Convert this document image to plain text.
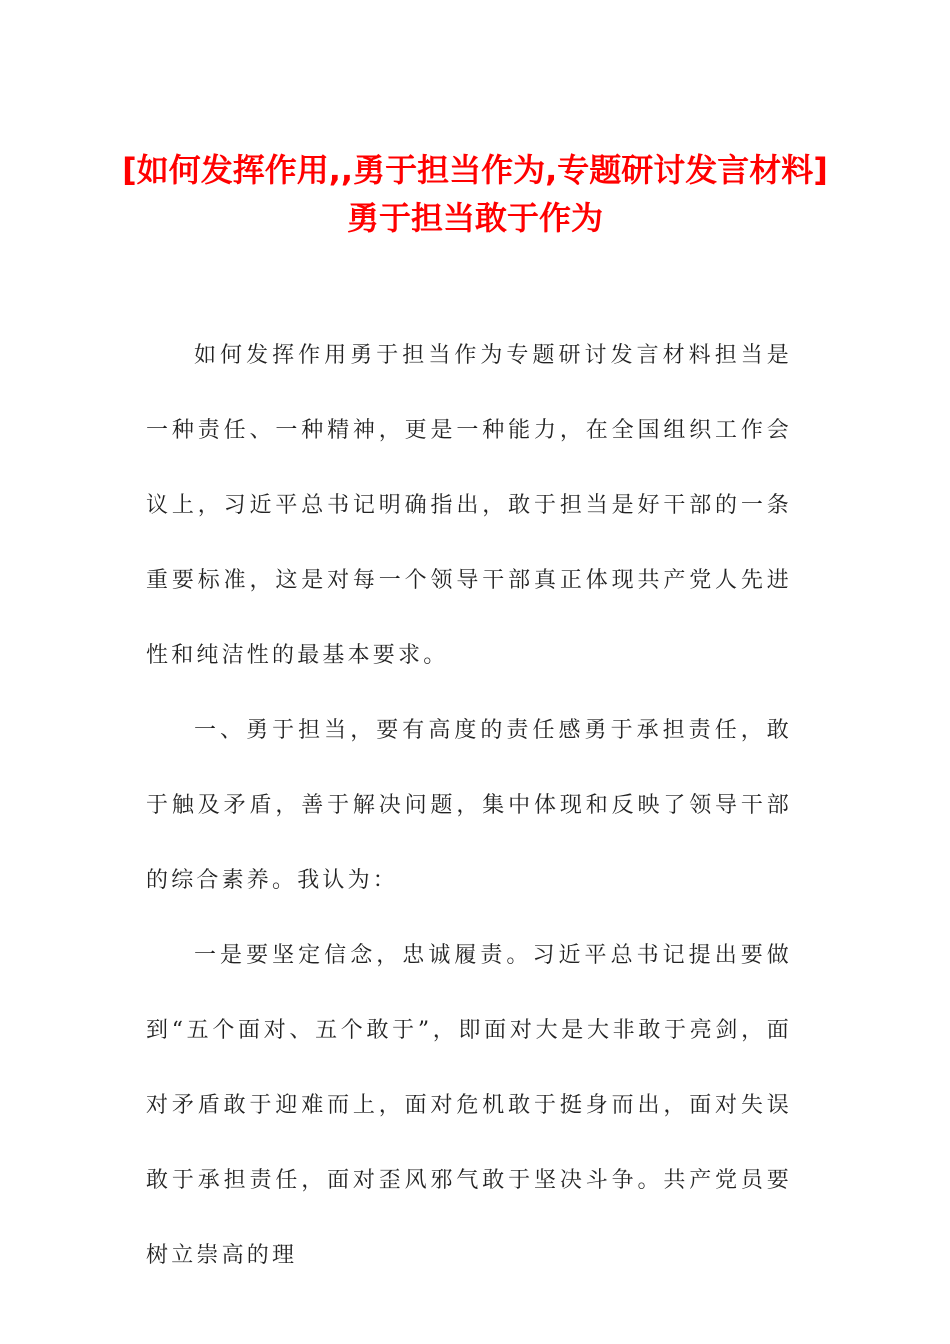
[如何发挥作用,,勇于担当作为,专题研讨发言材料] 勇于担当敢于作为

如何发挥作用勇于担当作为专题研讨发言材料担当是一种责任、一种精神，更是一种能力，在全国组织工作会议上，习近平总书记明确指出，敢于担当是好干部的一条重要标准，这是对每一个领导干部真正体现共产党人先进性和纯洁性的最基本要求。

一、勇于担当，要有高度的责任感勇于承担责任，敢于触及矛盾，善于解决问题，集中体现和反映了领导干部的综合素养。我认为：

一是要坚定信念，忠诚履责。习近平总书记提出要做到“五个面对、五个敢于”，即面对大是大非敢于亮剑，面对矛盾敢于迎难而上，面对危机敢于挺身而出，面对失误敢于承担责任，面对歪风邪气敢于坚决斗争。共产党员要树立崇高的理
